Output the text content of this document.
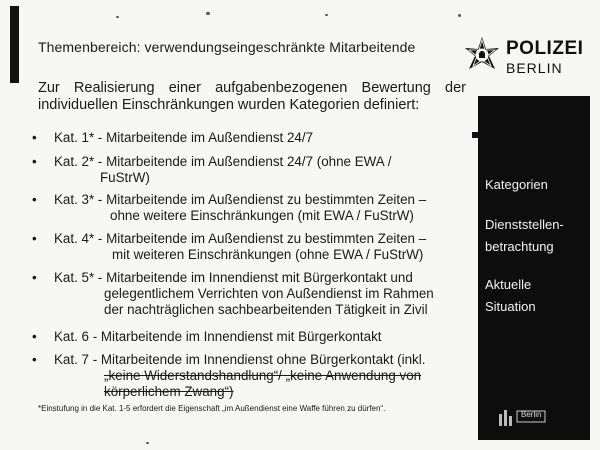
Themenbereich: verwendungseingeschränkte Mitarbeitende	POLIZEI
BERLIN
Zur Realisierung einer aufgabenbezogenen Bewertung der
individuellen Einschränkungen wurden Kategorien definiert:
• Kat. 1* - Mitarbeitende im Außendienst 24/7
• Kat. 2* - Mitarbeitende im Außendienst 24/7 (ohne EWA /
FuStrW)
• Kat. 3* - Mitarbeitende im Außendienst zu bestimmten Zeiten –
ohne weitere Einschränkungen (mit EWA / FuStrW)
• Kat. 4* - Mitarbeitende im Außendienst zu bestimmten Zeiten –
mit weiteren Einschränkungen (ohne EWA / FuStrW)
• Kat. 5* - Mitarbeitende im Innendienst mit Bürgerkontakt und
gelegentlichem Verrichten von Außendienst im Rahmen
der nachträglichen sachbearbeitenden Tätigkeit in Zivil
• Kat. 6 - Mitarbeitende im Innendienst mit Bürgerkontakt
• Kat. 7 - Mitarbeitende im Innendienst ohne Bürgerkontakt (inkl.
„keine Widerstandshandlung“/ „keine Anwendung von
körperlichem Zwang“)
*Einstufung in die Kat. 1-5 erfordert die Eigenschaft „im Außendienst eine Waffe führen zu dürfen“.
Kategorien
Dienststellen-
betrachtung
Aktuelle
Situation
Berlin
